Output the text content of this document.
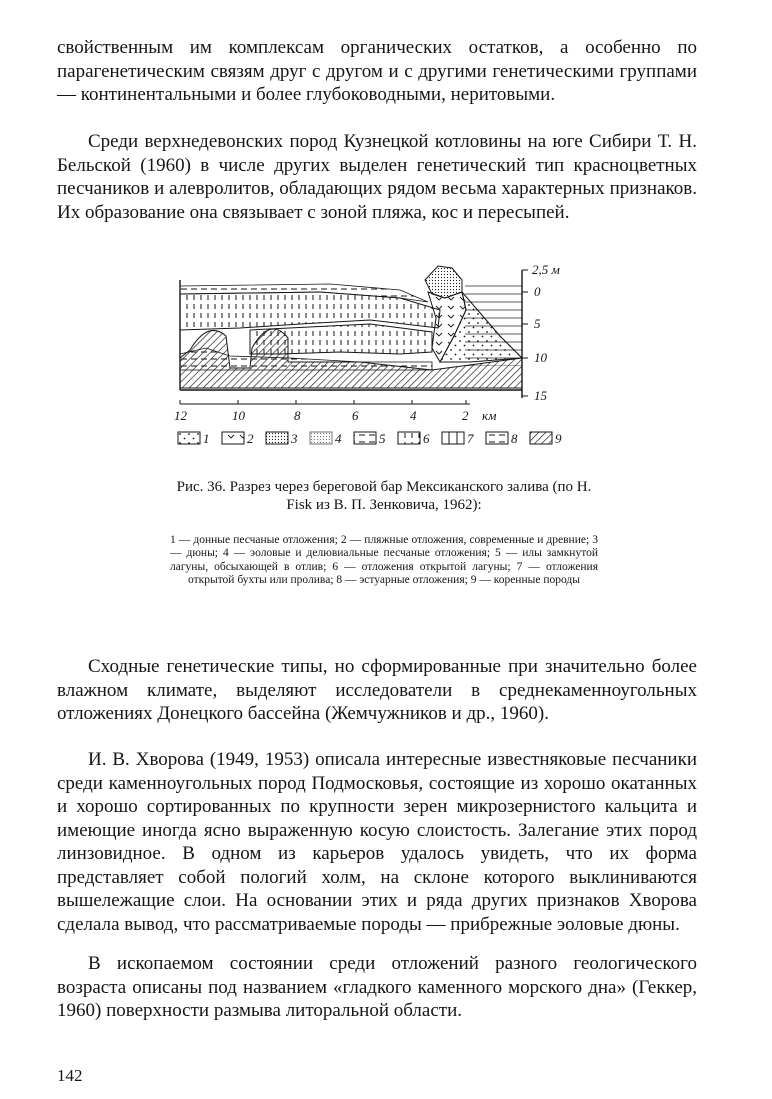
свойственным им комплексам органических остатков, а особенно по парагенетическим связям друг с другом и с другими генетическими группами — континентальными и более глубоководными, неритовыми.

Среди верхнедевонских пород Кузнецкой котловины на юге Сибири Т. Н. Бельской (1960) в числе других выделен генетический тип красноцветных песчаников и алевролитов, обладающих рядом весьма характерных признаков. Их образование она связывает с зоной пляжа, кос и пересыпей.

2,5 м
0
5
10
15
12	10	8	6	4	2 км
1	2	3	4	5	6	7	8	9

Рис. 36. Разрез через береговой бар Мексиканского залива (по H. Fisk из В. П. Зенковича, 1962):

1 — донные песчаные отложения; 2 — пляжные отложения, современные и древние; 3 — дюны; 4 — эоловые и делювиальные песчаные отложения; 5 — илы замкнутой лагуны, обсыхающей в отлив; 6 — отложения открытой лагуны; 7 — отложения открытой бухты или пролива; 8 — эстуарные отложения; 9 — коренные породы

Сходные генетические типы, но сформированные при значительно более влажном климате, выделяют исследователи в среднекаменноугольных отложениях Донецкого бассейна (Жемчужников и др., 1960).

И. В. Хворова (1949, 1953) описала интересные известняковые песчаники среди каменноугольных пород Подмосковья, состоящие из хорошо окатанных и хорошо сортированных по крупности зерен микрозернистого кальцита и имеющие иногда ясно выраженную косую слоистость. Залегание этих пород линзовидное. В одном из карьеров удалось увидеть, что их форма представляет собой пологий холм, на склоне которого выклиниваются вышележащие слои. На основании этих и ряда других признаков Хворова сделала вывод, что рассматриваемые породы — прибрежные эоловые дюны.

В ископаемом состоянии среди отложений разного геологического возраста описаны под названием «гладкого каменного морского дна» (Геккер, 1960) поверхности размыва литоральной области.

142
